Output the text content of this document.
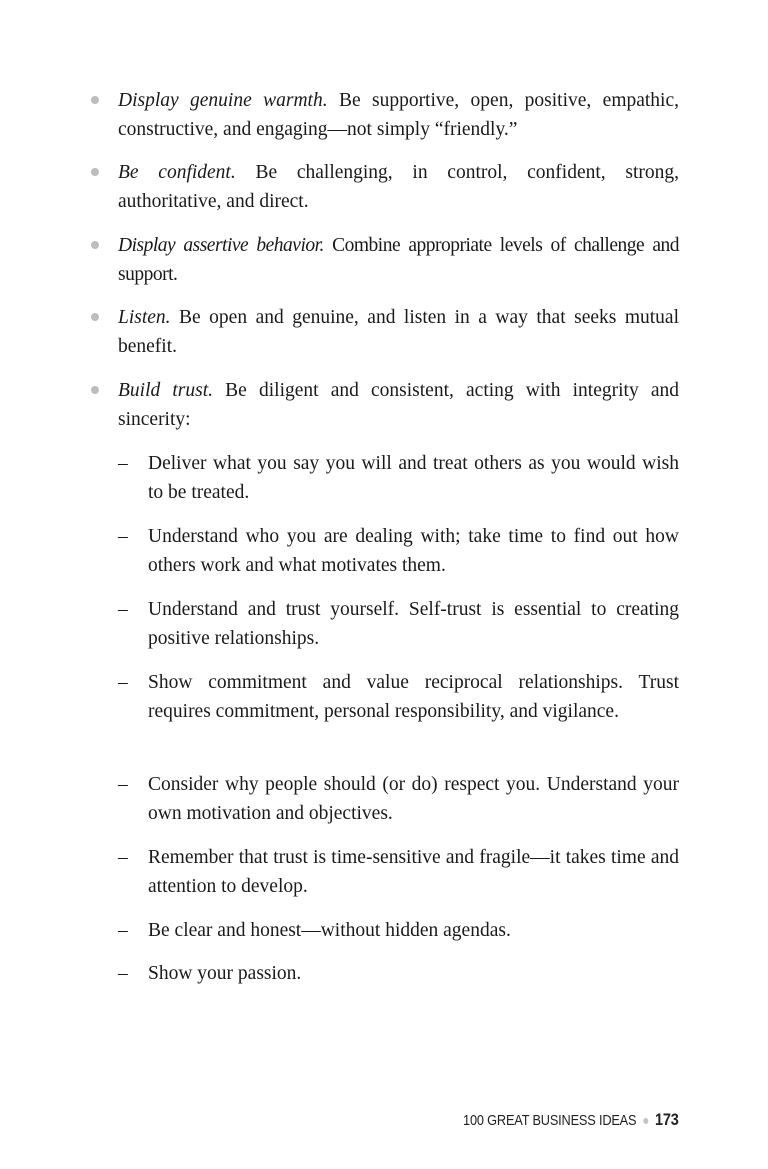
Display genuine warmth. Be supportive, open, positive, empathic, constructive, and engaging—not simply “friendly.”
Be confident. Be challenging, in control, confident, strong, authoritative, and direct.
Display assertive behavior. Combine appropriate levels of challenge and support.
Listen. Be open and genuine, and listen in a way that seeks mutual benefit.
Build trust. Be diligent and consistent, acting with integrity and sincerity:
– Deliver what you say you will and treat others as you would wish to be treated.
– Understand who you are dealing with; take time to find out how others work and what motivates them.
– Understand and trust yourself. Self-trust is essential to creating positive relationships.
– Show commitment and value reciprocal relationships. Trust requires commitment, personal responsibility, and vigilance.
– Consider why people should (or do) respect you. Understand your own motivation and objectives.
– Remember that trust is time-sensitive and fragile—it takes time and attention to develop.
– Be clear and honest—without hidden agendas.
– Show your passion.
100 GREAT BUSINESS IDEAS 173
